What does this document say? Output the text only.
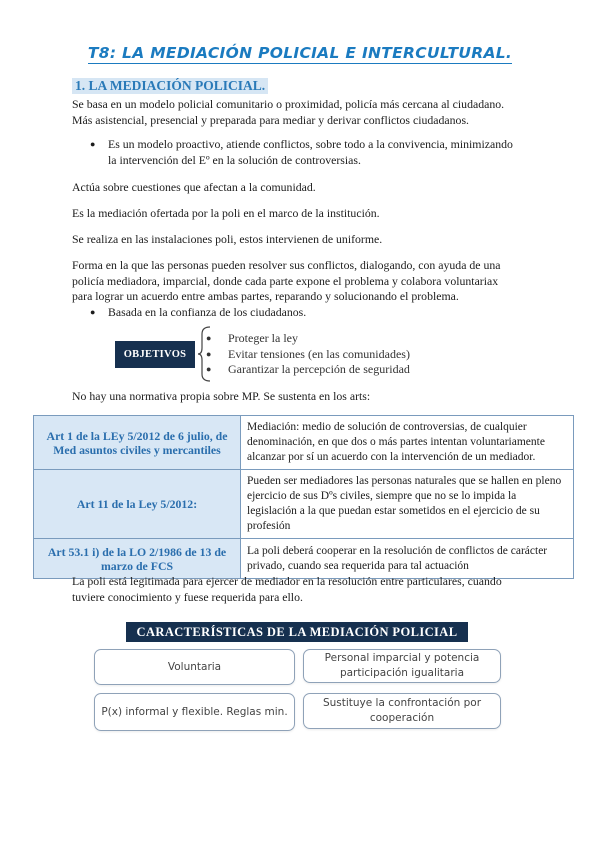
T8: LA MEDIACIÓN POLICIAL E INTERCULTURAL.
1. LA MEDIACIÓN POLICIAL.
Se basa en un modelo policial comunitario o proximidad, policía más cercana al ciudadano.
Más asistencial, presencial y preparada para mediar y derivar conflictos ciudadanos.
● Es un modelo proactivo, atiende conflictos, sobre todo a la convivencia, minimizando
la intervención del Eº en la solución de controversias.
Actúa sobre cuestiones que afectan a la comunidad.
Es la mediación ofertada por la poli en el marco de la institución.
Se realiza en las instalaciones poli, estos intervienen de uniforme.
Forma en la que las personas pueden resolver sus conflictos, dialogando, con ayuda de una
policía mediadora, imparcial, donde cada parte expone el problema y colabora voluntariax
para lograr un acuerdo entre ambas partes, reparando y solucionando el problema.
● Basada en la confianza de los ciudadanos.
OBJETIVOS
● Proteger la ley
● Evitar tensiones (en las comunidades)
● Garantizar la percepción de seguridad
No hay una normativa propia sobre MP. Se sustenta en los arts:
Art 1 de la LEy 5/2012 de 6 julio, de Med asuntos civiles y mercantiles	Mediación: medio de solución de controversias, de cualquier denominación, en que dos o más partes intentan voluntariamente alcanzar por sí un acuerdo con la intervención de un mediador.
Art 11 de la Ley 5/2012:	Pueden ser mediadores las personas naturales que se hallen en pleno ejercicio de sus Dºs civiles, siempre que no se lo impida la legislación a la que puedan estar sometidos en el ejercicio de su profesión
Art 53.1 i) de la LO 2/1986 de 13 de marzo de FCS	La poli deberá cooperar en la resolución de conflictos de carácter privado, cuando sea requerida para tal actuación
La poli está legitimada para ejercer de mediador en la resolución entre particulares, cuando
tuviere conocimiento y fuese requerida para ello.
CARACTERÍSTICAS DE LA MEDIACIÓN POLICIAL
Voluntaria
Personal imparcial y potencia participación igualitaria
P(x) informal y flexible. Reglas min.
Sustituye la confrontación por cooperación
